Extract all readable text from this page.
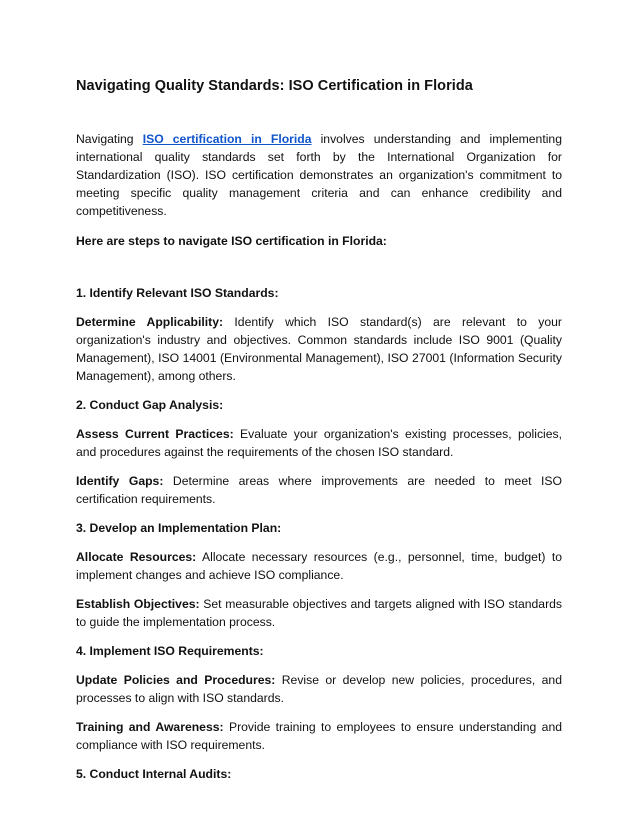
Navigating Quality Standards: ISO Certification in Florida

Navigating ISO certification in Florida involves understanding and implementing international quality standards set forth by the International Organization for Standardization (ISO). ISO certification demonstrates an organization's commitment to meeting specific quality management criteria and can enhance credibility and competitiveness.

Here are steps to navigate ISO certification in Florida:

1. Identify Relevant ISO Standards:

Determine Applicability: Identify which ISO standard(s) are relevant to your organization's industry and objectives. Common standards include ISO 9001 (Quality Management), ISO 14001 (Environmental Management), ISO 27001 (Information Security Management), among others.

2. Conduct Gap Analysis:

Assess Current Practices: Evaluate your organization's existing processes, policies, and procedures against the requirements of the chosen ISO standard.

Identify Gaps: Determine areas where improvements are needed to meet ISO certification requirements.

3. Develop an Implementation Plan:

Allocate Resources: Allocate necessary resources (e.g., personnel, time, budget) to implement changes and achieve ISO compliance.

Establish Objectives: Set measurable objectives and targets aligned with ISO standards to guide the implementation process.

4. Implement ISO Requirements:

Update Policies and Procedures: Revise or develop new policies, procedures, and processes to align with ISO standards.

Training and Awareness: Provide training to employees to ensure understanding and compliance with ISO requirements.

5. Conduct Internal Audits:
